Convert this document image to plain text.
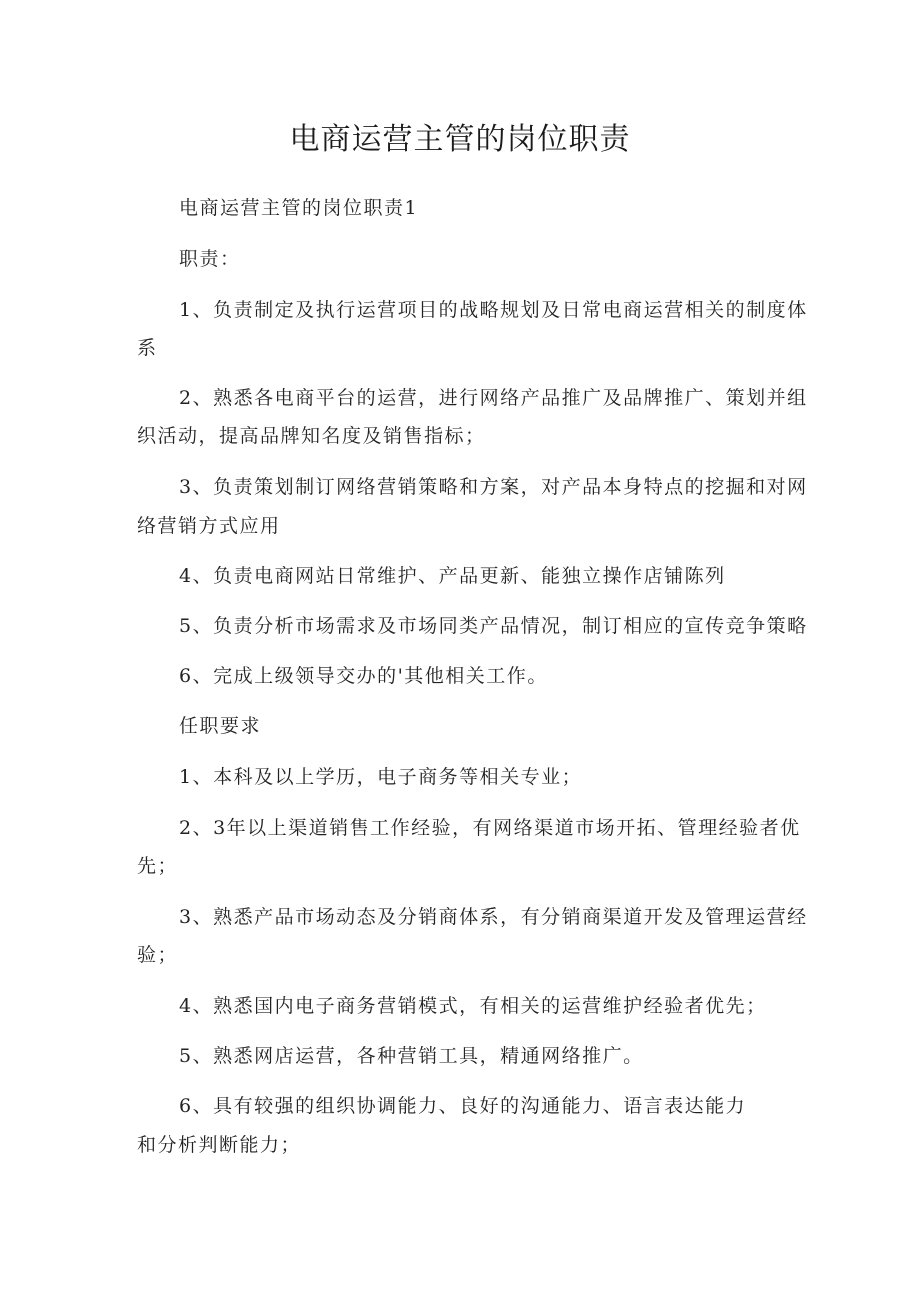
电商运营主管的岗位职责
电商运营主管的岗位职责1
职责：
1、负责制定及执行运营项目的战略规划及日常电商运营相关的制度体
系
2、熟悉各电商平台的运营，进行网络产品推广及品牌推广、策划并组
织活动，提高品牌知名度及销售指标；
3、负责策划制订网络营销策略和方案，对产品本身特点的挖掘和对网
络营销方式应用
4、负责电商网站日常维护、产品更新、能独立操作店铺陈列
5、负责分析市场需求及市场同类产品情况，制订相应的宣传竞争策略
6、完成上级领导交办的'其他相关工作。
任职要求
1、本科及以上学历，电子商务等相关专业；
2、3年以上渠道销售工作经验，有网络渠道市场开拓、管理经验者优
先；
3、熟悉产品市场动态及分销商体系，有分销商渠道开发及管理运营经
验；
4、熟悉国内电子商务营销模式，有相关的运营维护经验者优先；
5、熟悉网店运营，各种营销工具，精通网络推广。
6、具有较强的组织协调能力、良好的沟通能力、语言表达能力
和分析判断能力；
